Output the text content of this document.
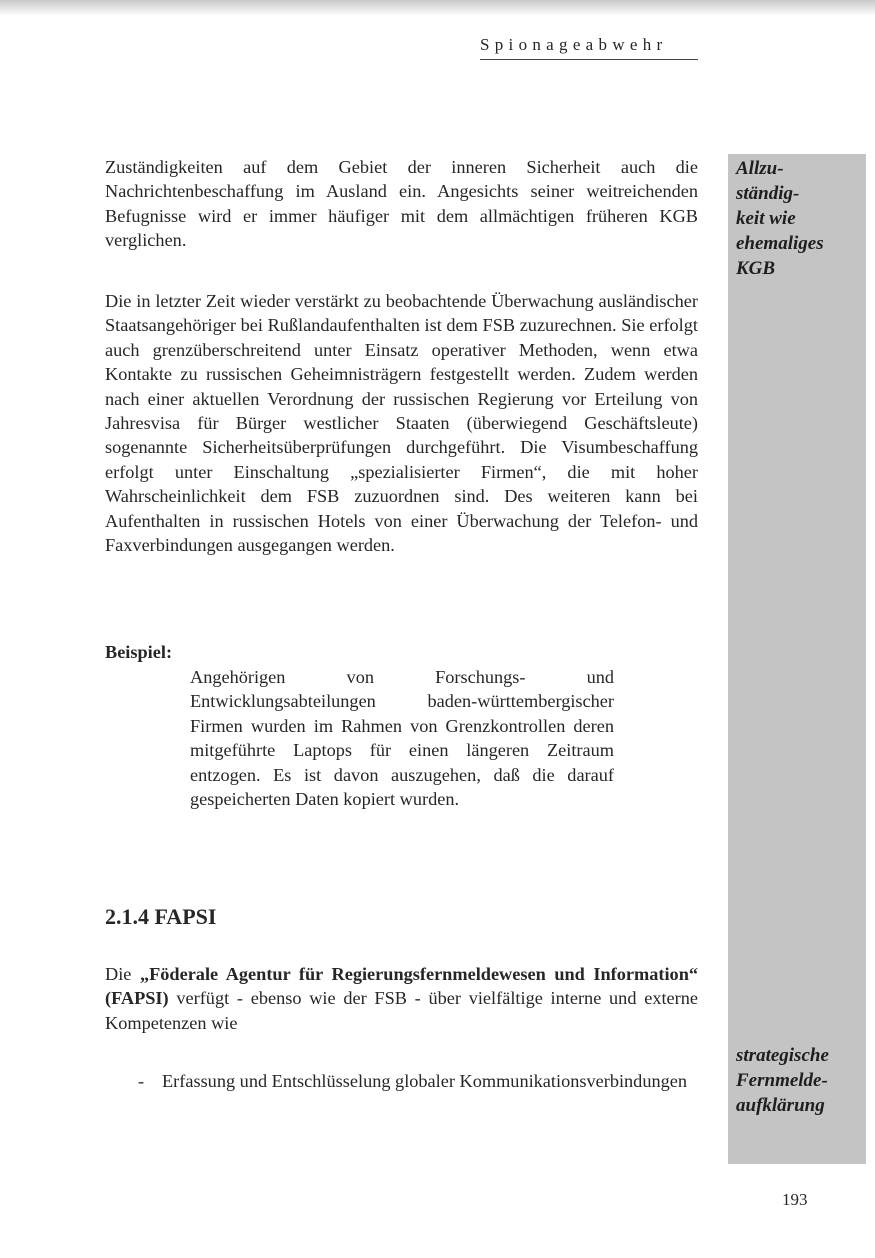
Spionageabwehr
Allzu-
ständig-
keit wie
ehemaliges
KGB
strategische
Fernmelde-
aufklärung
Zuständigkeiten auf dem Gebiet der inneren Sicherheit auch die Nachrichtenbeschaffung im Ausland ein. Angesichts seiner weitreichenden Befugnisse wird er immer häufiger mit dem allmächtigen früheren KGB verglichen.
Die in letzter Zeit wieder verstärkt zu beobachtende Überwachung ausländischer Staatsangehöriger bei Rußlandaufenthalten ist dem FSB zuzurechnen. Sie erfolgt auch grenzüberschreitend unter Einsatz operativer Methoden, wenn etwa Kontakte zu russischen Geheimnisträgern festgestellt werden. Zudem werden nach einer aktuellen Verordnung der russischen Regierung vor Erteilung von Jahresvisa für Bürger westlicher Staaten (überwiegend Geschäftsleute) sogenannte Sicherheitsüberprüfungen durchgeführt. Die Visumbeschaffung erfolgt unter Einschaltung „spezialisierter Firmen“, die mit hoher Wahrscheinlichkeit dem FSB zuzuordnen sind. Des weiteren kann bei Aufenthalten in russischen Hotels von einer Überwachung der Telefon- und Faxverbindungen ausgegangen werden.
Beispiel:
Angehörigen von Forschungs- und Entwicklungsabteilungen baden-württembergischer Firmen wurden im Rahmen von Grenzkontrollen deren mitgeführte Laptops für einen längeren Zeitraum entzogen. Es ist davon auszugehen, daß die darauf gespeicherten Daten kopiert wurden.
2.1.4 FAPSI
Die „Föderale Agentur für Regierungsfernmeldewesen und Information“ (FAPSI) verfügt - ebenso wie der FSB - über vielfältige interne und externe Kompetenzen wie
- Erfassung und Entschlüsselung globaler Kommunikationsverbindungen
193
